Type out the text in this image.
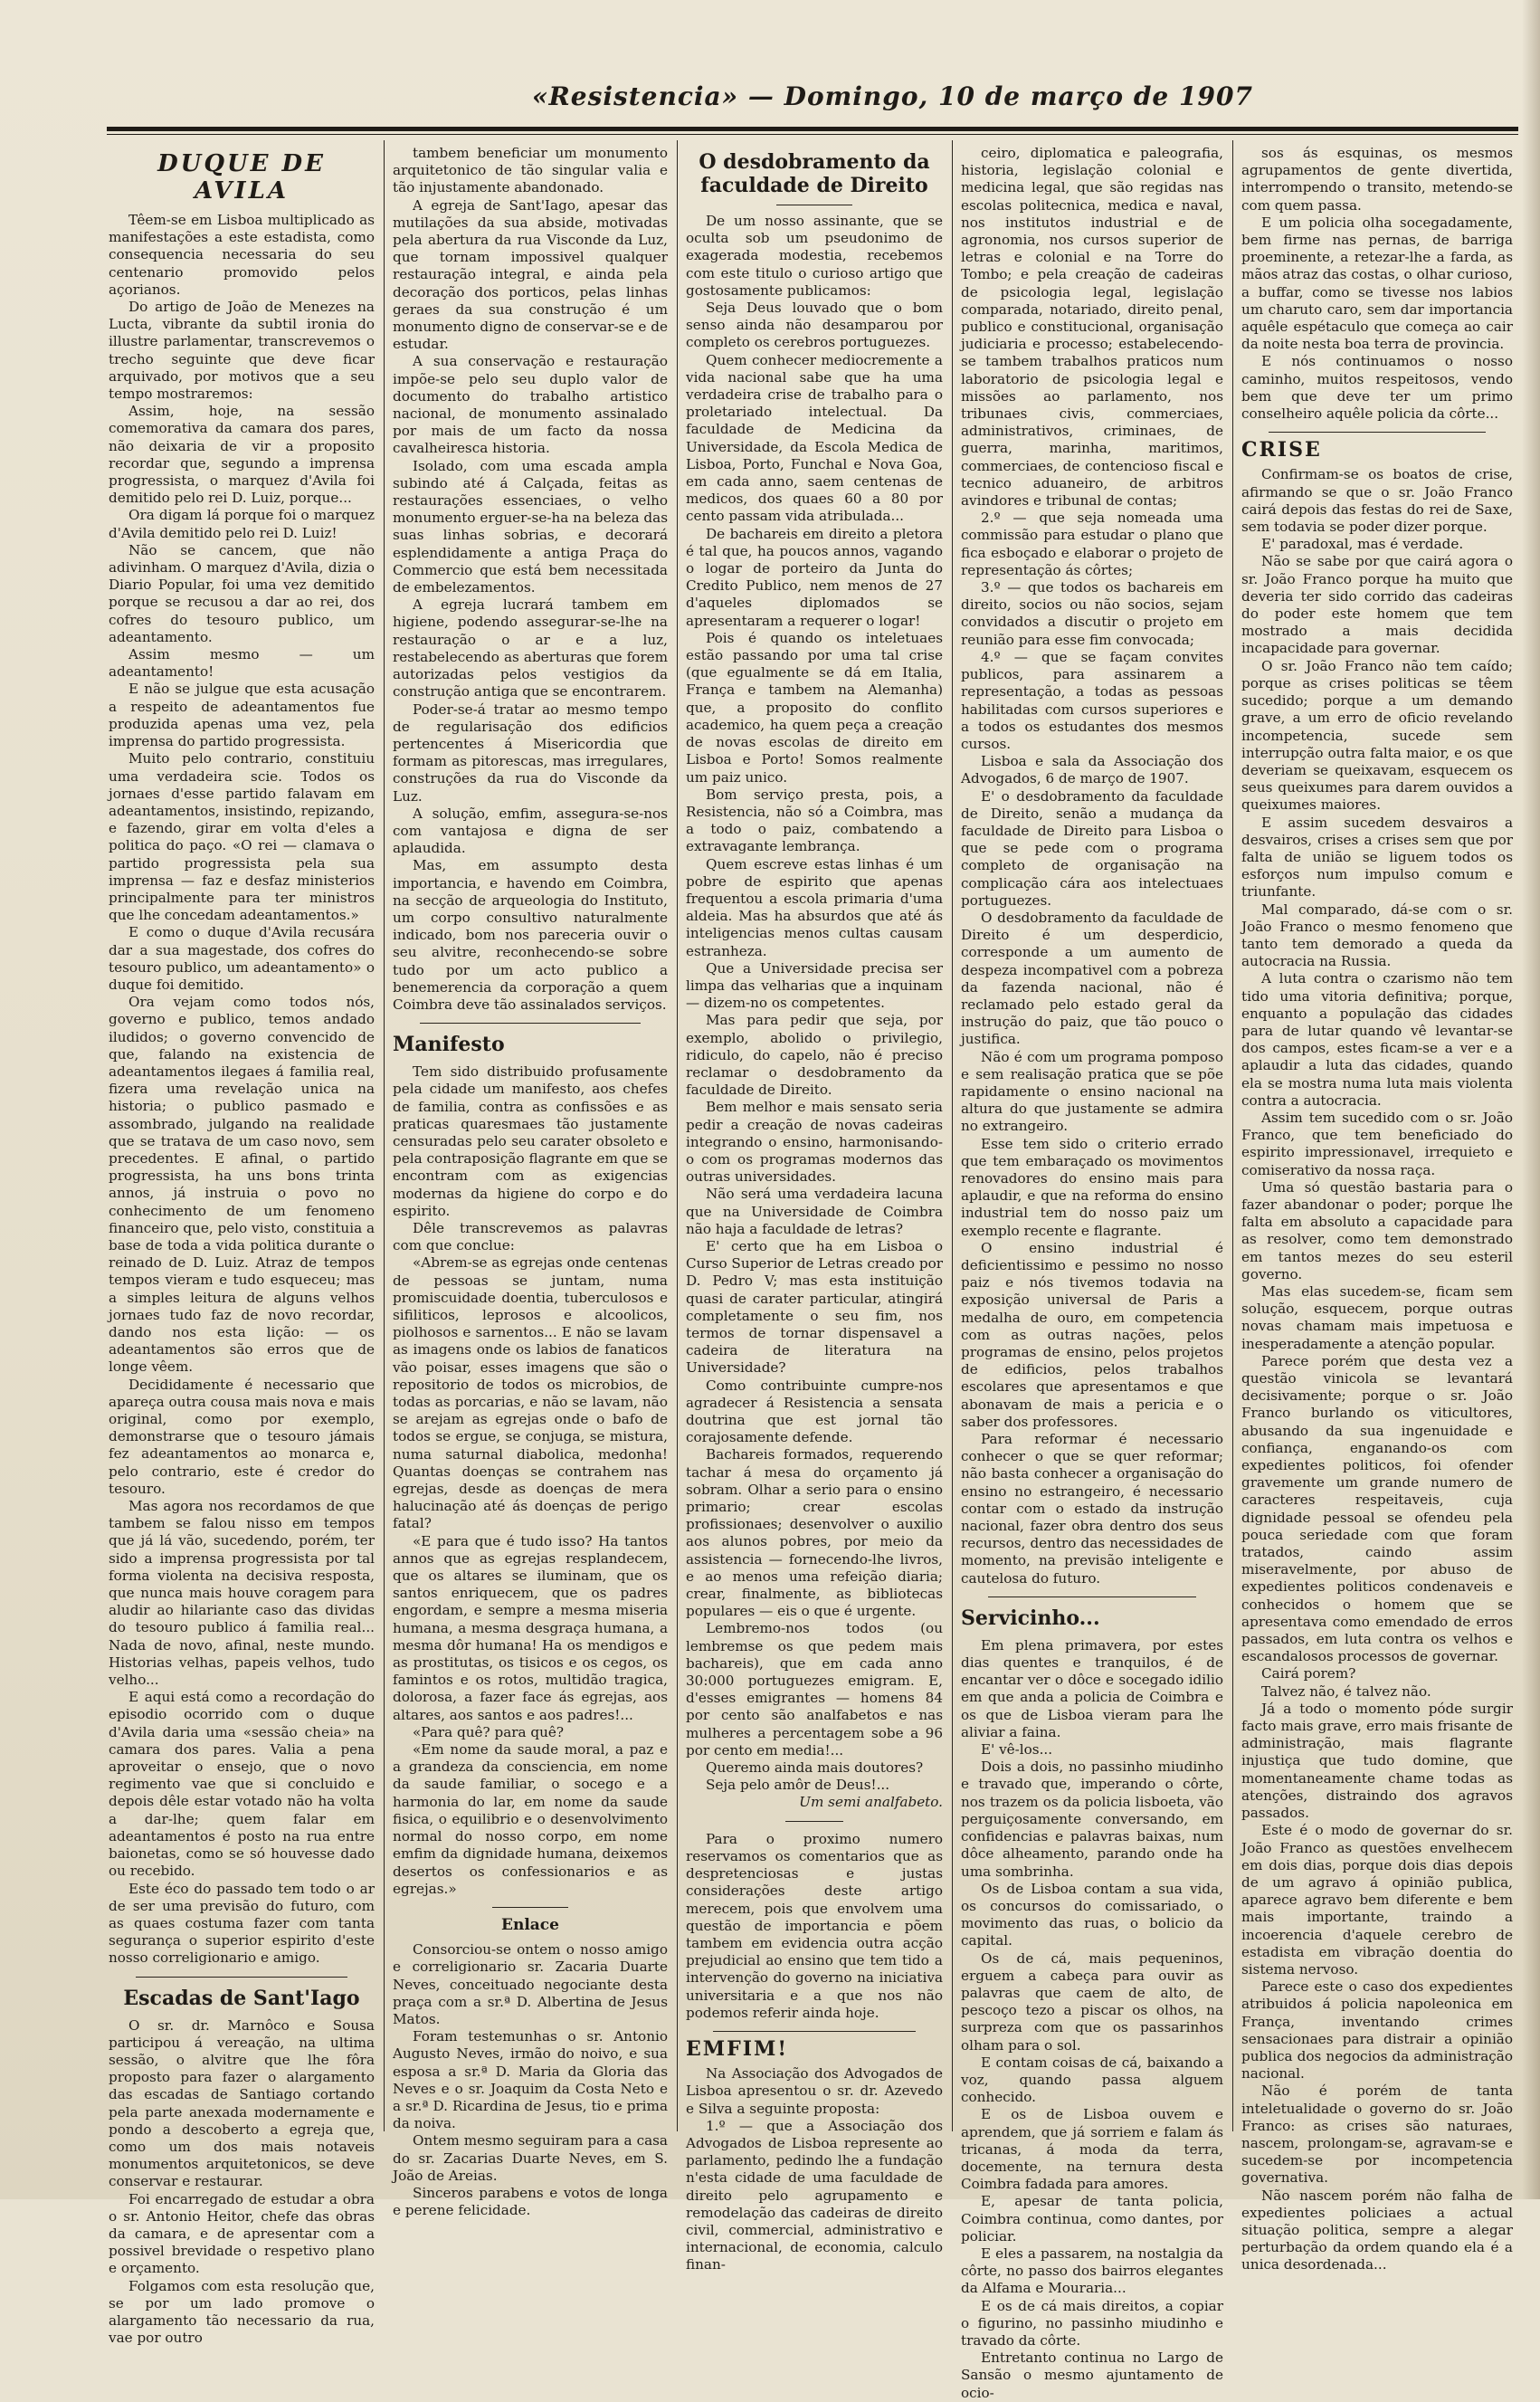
«Resistencia» — Domingo, 10 de março de 1907
DUQUE DE AVILA

Têem-se em Lisboa multiplicado as manifestações a este estadista, como consequencia necessaria do seu centenario promovido pelos açorianos.

Do artigo de João de Menezes na Lucta, vibrante da subtil ironia do illustre parlamentar, transcrevemos o trecho seguinte que deve ficar arquivado, por motivos que a seu tempo mostraremos:

Assim, hoje, na sessão comemorativa da camara dos pares, não deixaria de vir a proposito recordar que, segundo a imprensa progressista, o marquez d'Avila foi demitido pelo rei D. Luiz, porque...

Ora digam lá porque foi o marquez d'Avila demitido pelo rei D. Luiz!

Não se cancem, que não adivinham. O marquez d'Avila, dizia o Diario Popular, foi uma vez demitido porque se recusou a dar ao rei, dos cofres do tesouro publico, um adeantamento.

Assim mesmo — um adeantamento!

E não se julgue que esta acusação a respeito de adeantamentos fue produzida apenas uma vez, pela imprensa do partido progressista.

Muito pelo contrario, constituiu uma verdadeira scie. Todos os jornaes d'esse partido falavam em adeantamentos, insistindo, repizando, e fazendo, girar em volta d'eles a politica do paço. «O rei — clamava o partido progressista pela sua imprensa — faz e desfaz ministerios principalmente para ter ministros que lhe concedam adeantamentos.»

E como o duque d'Avila recusára dar a sua magestade, dos cofres do tesouro publico, um adeantamento» o duque foi demitido.

Ora vejam como todos nós, governo e publico, temos andado iludidos; o governo convencido de que, falando na existencia de adeantamentos ilegaes á familia real, fizera uma revelação unica na historia; o publico pasmado e assombrado, julgando na realidade que se tratava de um caso novo, sem precedentes. E afinal, o partido progressista, ha uns bons trinta annos, já instruia o povo no conhecimento de um fenomeno financeiro que, pelo visto, constituia a base de toda a vida politica durante o reinado de D. Luiz. Atraz de tempos tempos vieram e tudo esqueceu; mas a simples leitura de alguns velhos jornaes tudo faz de novo recordar, dando nos esta lição: — os adeantamentos são erros que de longe vêem.

Decididamente é necessario que apareça outra cousa mais nova e mais original, como por exemplo, demonstrarse que o tesouro jámais fez adeantamentos ao monarca e, pelo contrario, este é credor do tesouro.

Mas agora nos recordamos de que tambem se falou nisso em tempos que já lá vão, sucedendo, porém, ter sido a imprensa progressista por tal forma violenta na decisiva resposta, que nunca mais houve coragem para aludir ao hilariante caso das dividas do tesouro publico á familia real... Nada de novo, afinal, neste mundo. Historias velhas, papeis velhos, tudo velho...

E aqui está como a recordação do episodio ocorrido com o duque d'Avila daria uma «sessão cheia» na camara dos pares. Valia a pena aproveitar o ensejo, que o novo regimento vae que si concluido e depois dêle estar votado não ha volta a dar-lhe; quem falar em adeantamentos é posto na rua entre baionetas, como se só houvesse dado ou recebido.

Este éco do passado tem todo o ar de ser uma previsão do futuro, com as quaes costuma fazer com tanta segurança o superior espirito d'este nosso correligionario e amigo.

Escadas de Sant'Iago

O sr. dr. Marnôco e Sousa participou á vereação, na ultima sessão, o alvitre que lhe fôra proposto para fazer o alargamento das escadas de Santiago cortando pela parte anexada modernamente e pondo a descoberto a egreja que, como um dos mais notaveis monumentos arquitetonicos, se deve conservar e restaurar.

Foi encarregado de estudar a obra o sr. Antonio Heitor, chefe das obras da camara, e de apresentar com a possivel brevidade o respetivo plano e orçamento.

Folgamos com esta resolução que, se por um lado promove o alargamento tão necessario da rua, vae por outro

tambem beneficiar um monumento arquitetonico de tão singular valia e tão injustamente abandonado.

A egreja de Sant'Iago, apesar das mutilações da sua abside, motivadas pela abertura da rua Visconde da Luz, que tornam impossivel qualquer restauração integral, e ainda pela decoração dos porticos, pelas linhas geraes da sua construção é um monumento digno de conservar-se e de estudar.

A sua conservação e restauração impõe-se pelo seu duplo valor de documento do trabalho artistico nacional, de monumento assinalado por mais de um facto da nossa cavalheiresca historia.

Isolado, com uma escada ampla subindo até á Calçada, feitas as restaurações essenciaes, o velho monumento erguer-se-ha na beleza das suas linhas sobrias, e decorará esplendidamente a antiga Praça do Commercio que está bem necessitada de embelezamentos.

A egreja lucrará tambem em higiene, podendo assegurar-se-lhe na restauração o ar e a luz, restabelecendo as aberturas que forem autorizadas pelos vestigios da construção antiga que se encontrarem.

Poder-se-á tratar ao mesmo tempo de regularisação dos edificios pertencentes á Misericordia que formam as pitorescas, mas irregulares, construções da rua do Visconde da Luz.

A solução, emfim, assegura-se-nos com vantajosa e digna de ser aplaudida.

Mas, em assumpto desta importancia, e havendo em Coimbra, na secção de arqueologia do Instituto, um corpo consultivo naturalmente indicado, bom nos pareceria ouvir o seu alvitre, reconhecendo-se sobre tudo por um acto publico a benemerencia da corporação a quem Coimbra deve tão assinalados serviços.

Manifesto

Tem sido distribuido profusamente pela cidade um manifesto, aos chefes de familia, contra as confissões e as praticas quaresmaes tão justamente censuradas pelo seu carater obsoleto e pela contraposição flagrante em que se encontram com as exigencias modernas da higiene do corpo e do espirito.

Dêle transcrevemos as palavras com que conclue:

«Abrem-se as egrejas onde centenas de pessoas se juntam, numa promiscuidade doentia, tuberculosos e sifiliticos, leprosos e alcoolicos, piolhosos e sarnentos... E não se lavam as imagens onde os labios de fanaticos vão poisar, esses imagens que são o repositorio de todos os microbios, de todas as porcarias, e não se lavam, não se arejam as egrejas onde o bafo de todos se ergue, se conjuga, se mistura, numa saturnal diabolica, medonha! Quantas doenças se contrahem nas egrejas, desde as doenças de mera halucinação até ás doenças de perigo fatal?

«E para que é tudo isso? Ha tantos annos que as egrejas resplandecem, que os altares se iluminam, que os santos enriquecem, que os padres engordam, e sempre a mesma miseria humana, a mesma desgraça humana, a mesma dôr humana! Ha os mendigos e as prostitutas, os tisicos e os cegos, os famintos e os rotos, multidão tragica, dolorosa, a fazer face ás egrejas, aos altares, aos santos e aos padres!...

«Para quê? para quê?

«Em nome da saude moral, a paz e a grandeza da consciencia, em nome da saude familiar, o socego e a harmonia do lar, em nome da saude fisica, o equilibrio e o desenvolvimento normal do nosso corpo, em nome emfim da dignidade humana, deixemos desertos os confessionarios e as egrejas.»

Enlace

Consorciou-se ontem o nosso amigo e correligionario sr. Zacaria Duarte Neves, conceituado negociante desta praça com a sr.ª D. Albertina de Jesus Matos.

Foram testemunhas o sr. Antonio Augusto Neves, irmão do noivo, e sua esposa a sr.ª D. Maria da Gloria das Neves e o sr. Joaquim da Costa Neto e a sr.ª D. Ricardina de Jesus, tio e prima da noiva.

Ontem mesmo seguiram para a casa do sr. Zacarias Duarte Neves, em S. João de Areias.

Sinceros parabens e votos de longa e perene felicidade.

O desdobramento da faculdade de Direito

De um nosso assinante, que se oculta sob um pseudonimo de exagerada modestia, recebemos com este titulo o curioso artigo que gostosamente publicamos:

Seja Deus louvado que o bom senso ainda não desamparou por completo os cerebros portuguezes.

Quem conhecer mediocremente a vida nacional sabe que ha uma verdadeira crise de trabalho para o proletariado intelectual. Da faculdade de Medicina da Universidade, da Escola Medica de Lisboa, Porto, Funchal e Nova Goa, em cada anno, saem centenas de medicos, dos quaes 60 a 80 por cento passam vida atribulada...

De bachareis em direito a pletora é tal que, ha poucos annos, vagando o logar de porteiro da Junta do Credito Publico, nem menos de 27 d'aqueles diplomados se apresentaram a requerer o logar!

Pois é quando os inteletuaes estão passando por uma tal crise (que egualmente se dá em Italia, França e tambem na Alemanha) que, a proposito do conflito academico, ha quem peça a creação de novas escolas de direito em Lisboa e Porto! Somos realmente um paiz unico.

Bom serviço presta, pois, a Resistencia, não só a Coimbra, mas a todo o paiz, combatendo a extravagante lembrança.

Quem escreve estas linhas é um pobre de espirito que apenas frequentou a escola primaria d'uma aldeia. Mas ha absurdos que até ás inteligencias menos cultas causam estranheza.

Que a Universidade precisa ser limpa das velharias que a inquinam — dizem-no os competentes.

Mas para pedir que seja, por exemplo, abolido o privilegio, ridiculo, do capelo, não é preciso reclamar o desdobramento da faculdade de Direito.

Bem melhor e mais sensato seria pedir a creação de novas cadeiras integrando o ensino, harmonisando-o com os programas modernos das outras universidades.

Não será uma verdadeira lacuna que na Universidade de Coimbra não haja a faculdade de letras?

E' certo que ha em Lisboa o Curso Superior de Letras creado por D. Pedro V; mas esta instituição quasi de carater particular, atingirá completamente o seu fim, nos termos de tornar dispensavel a cadeira de literatura na Universidade?

Como contribuinte cumpre-nos agradecer á Resistencia a sensata doutrina que est jornal tão corajosamente defende.

Bachareis formados, requerendo tachar á mesa do orçamento já sobram. Olhar a serio para o ensino primario; crear escolas profissionaes; desenvolver o auxilio aos alunos pobres, por meio da assistencia — fornecendo-lhe livros, e ao menos uma refeição diaria; crear, finalmente, as bibliotecas populares — eis o que é urgente.

Lembremo-nos todos (ou lembremse os que pedem mais bachareis), que em cada anno 30:000 portuguezes emigram. E, d'esses emigrantes — homens 84 por cento são analfabetos e nas mulheres a percentagem sobe a 96 por cento em media!...

Queremo ainda mais doutores?

Seja pelo amôr de Deus!...

Um semi analfabeto.

Para o proximo numero reservamos os comentarios que as despretenciosas e justas considerações deste artigo merecem, pois que envolvem uma questão de importancia e põem tambem em evidencia outra acção prejudicial ao ensino que tem tido a intervenção do governo na iniciativa universitaria e a que nos não podemos referir ainda hoje.

EMFIM!

Na Associação dos Advogados de Lisboa apresentou o sr. dr. Azevedo e Silva a seguinte proposta:

1.º — que a Associação dos Advogados de Lisboa represente ao parlamento, pedindo lhe a fundação n'esta cidade de uma faculdade de direito pelo agrupamento e remodelação das cadeiras de direito civil, commercial, administrativo e internacional, de economia, calculo finan-

ceiro, diplomatica e paleografia, historia, legislação colonial e medicina legal, que são regidas nas escolas politecnica, medica e naval, nos institutos industrial e de agronomia, nos cursos superior de letras e colonial e na Torre do Tombo; e pela creação de cadeiras de psicologia legal, legislação comparada, notariado, direito penal, publico e constitucional, organisação judiciaria e processo; estabelecendo-se tambem trabalhos praticos num laboratorio de psicologia legal e missões ao parlamento, nos tribunaes civis, commerciaes, administrativos, criminaes, de guerra, marinha, maritimos, commerciaes, de contencioso fiscal e tecnico aduaneiro, de arbitros avindores e tribunal de contas;

2.º — que seja nomeada uma commissão para estudar o plano que fica esboçado e elaborar o projeto de representação ás côrtes;

3.º — que todos os bachareis em direito, socios ou não socios, sejam convidados a discutir o projeto em reunião para esse fim convocada;

4.º — que se façam convites publicos, para assinarem a representação, a todas as pessoas habilitadas com cursos superiores e a todos os estudantes dos mesmos cursos.

Lisboa e sala da Associação dos Advogados, 6 de março de 1907.

E' o desdobramento da faculdade de Direito, senão a mudança da faculdade de Direito para Lisboa o que se pede com o programa completo de organisação na complicação cára aos intelectuaes portuguezes.

O desdobramento da faculdade de Direito é um desperdicio, corresponde a um aumento de despeza incompativel com a pobreza da fazenda nacional, não é reclamado pelo estado geral da instrução do paiz, que tão pouco o justifica.

Não é com um programa pomposo e sem realisação pratica que se põe rapidamente o ensino nacional na altura do que justamente se admira no extrangeiro.

Esse tem sido o criterio errado que tem embaraçado os movimentos renovadores do ensino mais para aplaudir, e que na reforma do ensino industrial tem do nosso paiz um exemplo recente e flagrante.

O ensino industrial é deficientissimo e pessimo no nosso paiz e nós tivemos todavia na exposição universal de Paris a medalha de ouro, em competencia com as outras nações, pelos programas de ensino, pelos projetos de edificios, pelos trabalhos escolares que apresentamos e que abonavam de mais a pericia e o saber dos professores.

Para reformar é necessario conhecer o que se quer reformar; não basta conhecer a organisação do ensino no estrangeiro, é necessario contar com o estado da instrução nacional, fazer obra dentro dos seus recursos, dentro das necessidades de momento, na previsão inteligente e cautelosa do futuro.

Servicinho...

Em plena primavera, por estes dias quentes e tranquilos, é de encantar ver o dôce e socegado idilio em que anda a policia de Coimbra e os que de Lisboa vieram para lhe aliviar a faina.

E' vê-los...

Dois a dois, no passinho miudinho e travado que, imperando o côrte, nos trazem os da policia lisboeta, vão perguiçosamente conversando, em confidencias e palavras baixas, num dôce alheamento, parando onde ha uma sombrinha.

Os de Lisboa contam a sua vida, os concursos do comissariado, o movimento das ruas, o bolicio da capital.

Os de cá, mais pequeninos, erguem a cabeça para ouvir as palavras que caem de alto, de pescoço tezo a piscar os olhos, na surpreza com que os passarinhos olham para o sol.

E contam coisas de cá, baixando a voz, quando passa alguem conhecido.

E os de Lisboa ouvem e aprendem, que já sorriem e falam ás tricanas, á moda da terra, docemente, na ternura desta Coimbra fadada para amores.

E, apesar de tanta policia, Coimbra continua, como dantes, por policiar.

E eles a passarem, na nostalgia da côrte, no passo dos bairros elegantes da Alfama e Mouraria...

E os de cá mais direitos, a copiar o figurino, no passinho miudinho e travado da côrte.

Entretanto continua no Largo de Sansão o mesmo ajuntamento de ocio-

sos ás esquinas, os mesmos agrupamentos de gente divertida, interrompendo o transito, metendo-se com quem passa.

E um policia olha socegadamente, bem firme nas pernas, de barriga proeminente, a retezar-lhe a farda, as mãos atraz das costas, o olhar curioso, a buffar, como se tivesse nos labios um charuto caro, sem dar importancia aquêle espétaculo que começa ao cair da noite nesta boa terra de provincia.

E nós continuamos o nosso caminho, muitos respeitosos, vendo bem que deve ter um primo conselheiro aquêle policia da côrte...

CRISE

Confirmam-se os boatos de crise, afirmando se que o sr. João Franco cairá depois das festas do rei de Saxe, sem todavia se poder dizer porque.

E' paradoxal, mas é verdade.

Não se sabe por que cairá agora o sr. João Franco porque ha muito que deveria ter sido corrido das cadeiras do poder este homem que tem mostrado a mais decidida incapacidade para governar.

O sr. João Franco não tem caído; porque as crises politicas se têem sucedido; porque a um demando grave, a um erro de oficio revelando incompetencia, sucede sem interrupção outra falta maior, e os que deveriam se queixavam, esquecem os seus queixumes para darem ouvidos a queixumes maiores.

E assim sucedem desvairos a desvairos, crises a crises sem que por falta de união se liguem todos os esforços num impulso comum e triunfante.

Mal comparado, dá-se com o sr. João Franco o mesmo fenomeno que tanto tem demorado a queda da autocracia na Russia.

A luta contra o czarismo não tem tido uma vitoria definitiva; porque, enquanto a população das cidades para de lutar quando vê levantar-se dos campos, estes ficam-se a ver e a aplaudir a luta das cidades, quando ela se mostra numa luta mais violenta contra a autocracia.

Assim tem sucedido com o sr. João Franco, que tem beneficiado do espirito impressionavel, irrequieto e comiserativo da nossa raça.

Uma só questão bastaria para o fazer abandonar o poder; porque lhe falta em absoluto a capacidade para as resolver, como tem demonstrado em tantos mezes do seu esteril governo.

Mas elas sucedem-se, ficam sem solução, esquecem, porque outras novas chamam mais impetuosa e inesperadamente a atenção popular.

Parece porém que desta vez a questão vinicola se levantará decisivamente; porque o sr. João Franco burlando os viticultores, abusando da sua ingenuidade e confiança, enganando-os com expedientes politicos, foi ofender gravemente um grande numero de caracteres respeitaveis, cuja dignidade pessoal se ofendeu pela pouca seriedade com que foram tratados, caindo assim miseravelmente, por abuso de expedientes politicos condenaveis e conhecidos o homem que se apresentava como emendado de erros passados, em luta contra os velhos e escandalosos processos de governar.

Cairá porem?

Talvez não, é talvez não.

Já a todo o momento póde surgir facto mais grave, erro mais frisante de administração, mais flagrante injustiça que tudo domine, que momentaneamente chame todas as atenções, distraindo dos agravos passados.

Este é o modo de governar do sr. João Franco as questões envelhecem em dois dias, porque dois dias depois de um agravo á opinião publica, aparece agravo bem diferente e bem mais importante, traindo a incoerencia d'aquele cerebro de estadista em vibração doentia do sistema nervoso.

Parece este o caso dos expedientes atribuidos á policia napoleonica em França, inventando crimes sensacionaes para distrair a opinião publica dos negocios da administração nacional.

Não é porém de tanta inteletualidade o governo do sr. João Franco: as crises são naturaes, nascem, prolongam-se, agravam-se e sucedem-se por incompetencia governativa.

Não nascem porém não falha de expedientes policiaes a actual situação politica, sempre a alegar perturbação da ordem quando ela é a unica desordenada...
